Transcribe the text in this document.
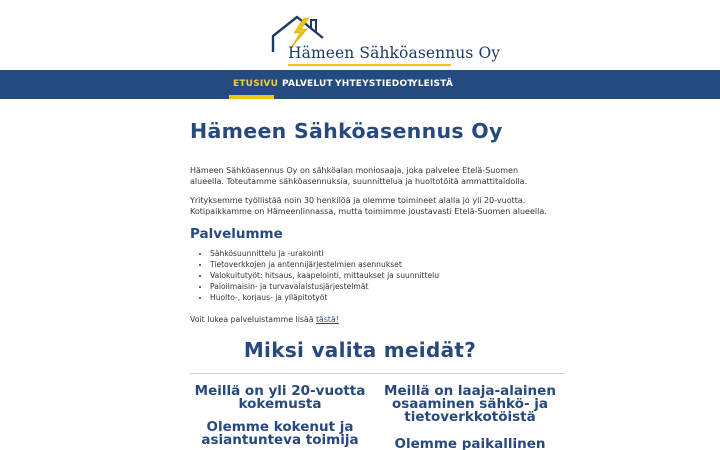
Hämeen Sähköasennus Oy
ETUSIVU PALVELUT YHTEYSTIEDOT
YLEISTÄ
Hämeen Sähköasennus Oy

Hämeen Sähköasennus Oy on sähköalan moniosaaja, joka palvelee Etelä-Suomen alueella. Toteutamme sähköasennuksia, suunnittelua ja huoltotöitä ammattitaidolla.

Yrityksemme työllistää noin 30 henkilöä ja olemme toimineet alalla jo yli 20-vuotta. Kotipaikkamme on Hämeenlinnassa, mutta toimimme joustavasti Etelä-Suomen alueella.

Palvelumme
• Sähkösuunnittelu ja -urakointi
• Tietoverkkojen ja antennijärjestelmien asennukset
• Valokuitutyöt: hitsaus, kaapelointi, mittaukset ja suunnittelu
• Paloilmaisin- ja turvavalaistusjärjestelmät
• Huolto-, korjaus- ja ylläpitotyöt

Voit lukea palveluistamme lisää tästä!

Miksi valita meidät?
Meillä on yli 20-vuotta kokemusta
Meillä on laaja-alainen osaaminen sähkö- ja tietoverkkotöistä
Olemme kokenut ja asiantunteva toimija	Olemme paikallinen
